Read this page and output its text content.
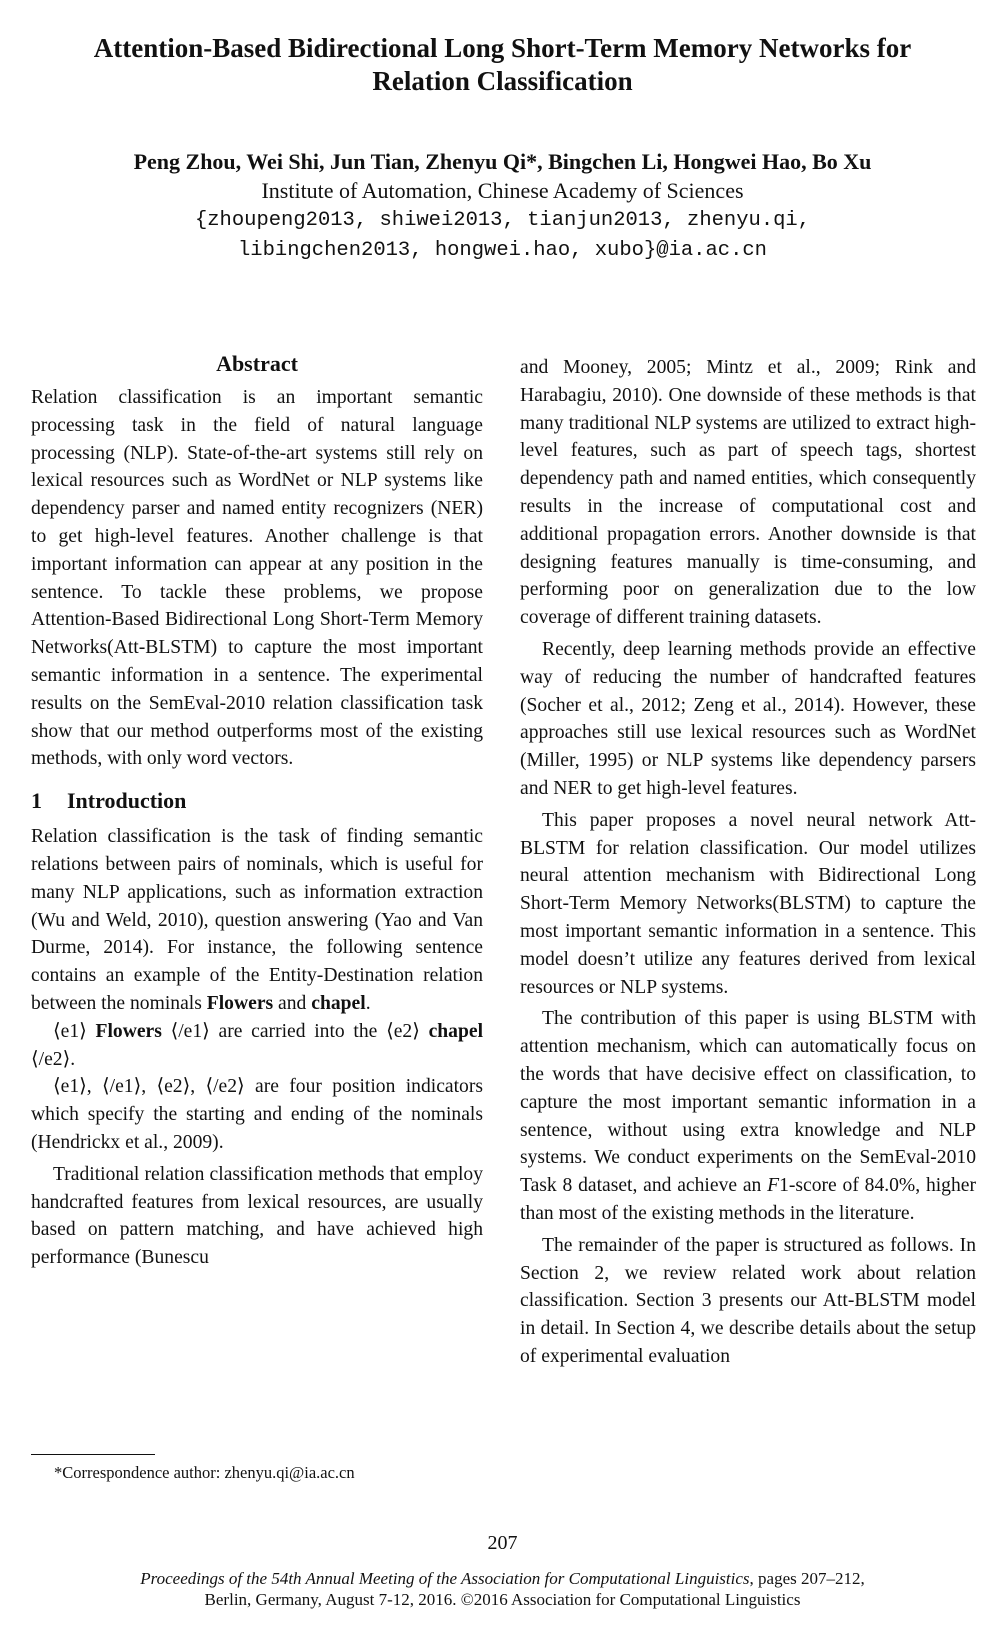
Attention-Based Bidirectional Long Short-Term Memory Networks for
Relation Classification
Peng Zhou, Wei Shi, Jun Tian, Zhenyu Qi*, Bingchen Li, Hongwei Hao, Bo Xu
Institute of Automation, Chinese Academy of Sciences
{zhoupeng2013, shiwei2013, tianjun2013, zhenyu.qi,
libingchen2013, hongwei.hao, xubo}@ia.ac.cn
Abstract

Relation classification is an important semantic processing task in the field of natural language processing (NLP). State-of-the-art systems still rely on lexical resources such as WordNet or NLP systems like dependency parser and named entity recognizers (NER) to get high-level features. Another challenge is that important information can appear at any position in the sentence. To tackle these problems, we propose Attention-Based Bidirectional Long Short-Term Memory Networks(Att-BLSTM) to capture the most important semantic information in a sentence. The experimental results on the SemEval-2010 relation classification task show that our method outperforms most of the existing methods, with only word vectors.

1 Introduction

Relation classification is the task of finding semantic relations between pairs of nominals, which is useful for many NLP applications, such as information extraction (Wu and Weld, 2010), question answering (Yao and Van Durme, 2014). For instance, the following sentence contains an example of the Entity-Destination relation between the nominals Flowers and chapel.

⟨e1⟩ Flowers ⟨/e1⟩ are carried into the ⟨e2⟩ chapel ⟨/e2⟩.

⟨e1⟩, ⟨/e1⟩, ⟨e2⟩, ⟨/e2⟩ are four position indicators which specify the starting and ending of the nominals (Hendrickx et al., 2009).

Traditional relation classification methods that employ handcrafted features from lexical resources, are usually based on pattern matching, and have achieved high performance (Bunescu

and Mooney, 2005; Mintz et al., 2009; Rink and Harabagiu, 2010). One downside of these methods is that many traditional NLP systems are utilized to extract high-level features, such as part of speech tags, shortest dependency path and named entities, which consequently results in the increase of computational cost and additional propagation errors. Another downside is that designing features manually is time-consuming, and performing poor on generalization due to the low coverage of different training datasets.

Recently, deep learning methods provide an effective way of reducing the number of handcrafted features (Socher et al., 2012; Zeng et al., 2014). However, these approaches still use lexical resources such as WordNet (Miller, 1995) or NLP systems like dependency parsers and NER to get high-level features.

This paper proposes a novel neural network Att-BLSTM for relation classification. Our model utilizes neural attention mechanism with Bidirectional Long Short-Term Memory Networks(BLSTM) to capture the most important semantic information in a sentence. This model doesn’t utilize any features derived from lexical resources or NLP systems.

The contribution of this paper is using BLSTM with attention mechanism, which can automatically focus on the words that have decisive effect on classification, to capture the most important semantic information in a sentence, without using extra knowledge and NLP systems. We conduct experiments on the SemEval-2010 Task 8 dataset, and achieve an F1-score of 84.0%, higher than most of the existing methods in the literature.

The remainder of the paper is structured as follows. In Section 2, we review related work about relation classification. Section 3 presents our Att-BLSTM model in detail. In Section 4, we describe details about the setup of experimental evaluation

*Correspondence author: zhenyu.qi@ia.ac.cn
207
Proceedings of the 54th Annual Meeting of the Association for Computational Linguistics, pages 207–212,
Berlin, Germany, August 7-12, 2016. ©2016 Association for Computational Linguistics
